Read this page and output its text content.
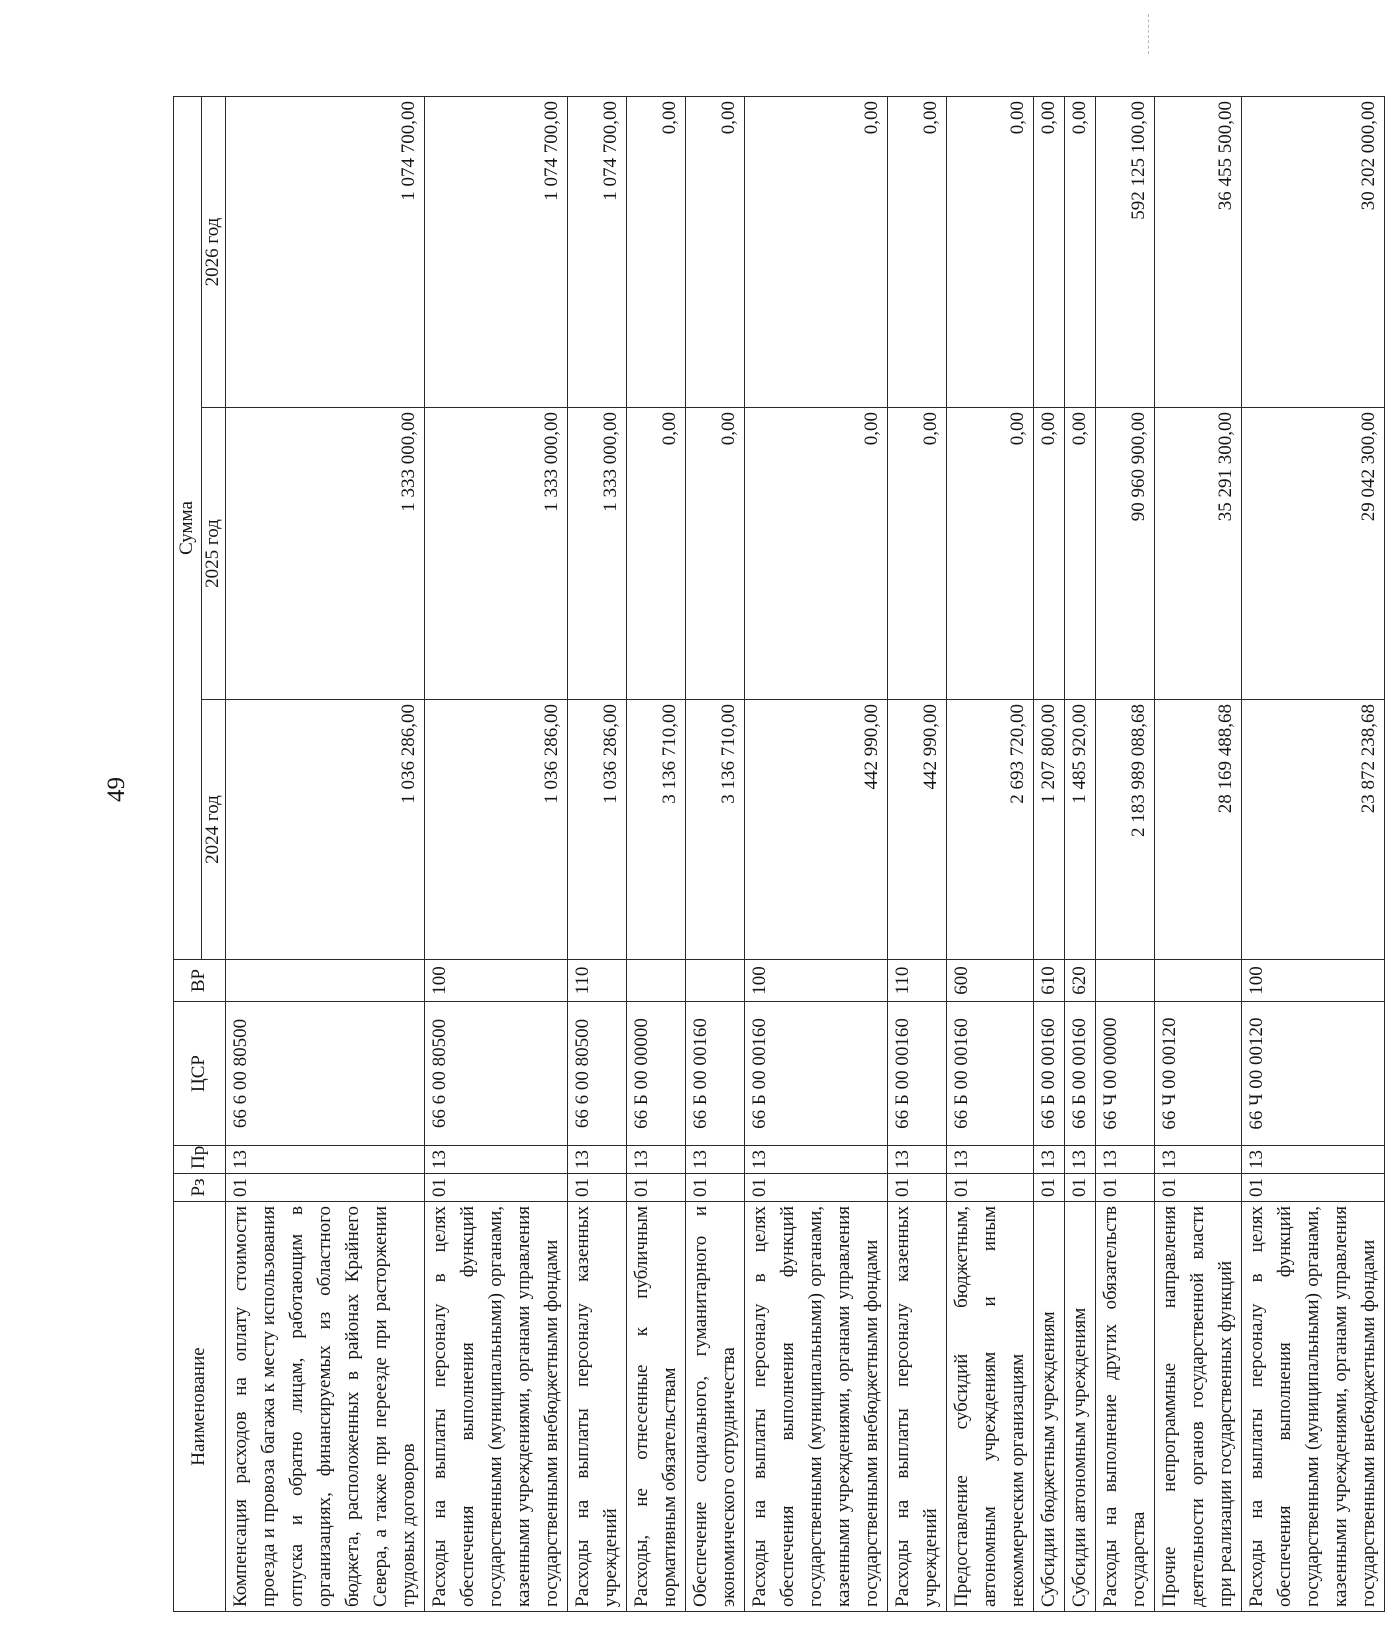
49
Наименование	Рз	Пр	ЦСР	ВР	Сумма		
					2024 год	2025 год	2026 год
Компенсация расходов на оплату стоимости проезда и провоза багажа к месту использования отпуска и обратно лицам, работающим в организациях, финансируемых из областного бюджета, расположенных в районах Крайнего Севера, а также при переезде при расторжении трудовых договоров	01	13	66 6 00 80500		1 036 286,00	1 333 000,00	1 074 700,00
Расходы на выплаты персоналу в целях обеспечения выполнения функций государственными (муниципальными) органами, казенными учреждениями, органами управления государственными внебюджетными фондами	01	13	66 6 00 80500	100	1 036 286,00	1 333 000,00	1 074 700,00
Расходы на выплаты персоналу казенных учреждений	01	13	66 6 00 80500	110	1 036 286,00	1 333 000,00	1 074 700,00
Расходы, не отнесенные к публичным нормативным обязательствам	01	13	66 Б 00 00000		3 136 710,00	0,00	0,00
Обеспечение социального, гуманитарного и экономического сотрудничества	01	13	66 Б 00 00160		3 136 710,00	0,00	0,00
Расходы на выплаты персоналу в целях обеспечения выполнения функций государственными (муниципальными) органами, казенными учреждениями, органами управления государственными внебюджетными фондами	01	13	66 Б 00 00160	100	442 990,00	0,00	0,00
Расходы на выплаты персоналу казенных учреждений	01	13	66 Б 00 00160	110	442 990,00	0,00	0,00
Предоставление субсидий бюджетным, автономным учреждениям и иным некоммерческим организациям	01	13	66 Б 00 00160	600	2 693 720,00	0,00	0,00
Субсидии бюджетным учреждениям	01	13	66 Б 00 00160	610	1 207 800,00	0,00	0,00
Субсидии автономным учреждениям	01	13	66 Б 00 00160	620	1 485 920,00	0,00	0,00
Расходы на выполнение других обязательств государства	01	13	66 Ч 00 00000		2 183 989 088,68	90 960 900,00	592 125 100,00
Прочие непрограммные направления деятельности органов государственной власти при реализации государственных функций	01	13	66 Ч 00 00120		28 169 488,68	35 291 300,00	36 455 500,00
Расходы на выплаты персоналу в целях обеспечения выполнения функций государственными (муниципальными) органами, казенными учреждениями, органами управления государственными внебюджетными фондами	01	13	66 Ч 00 00120	100	23 872 238,68	29 042 300,00	30 202 000,00
